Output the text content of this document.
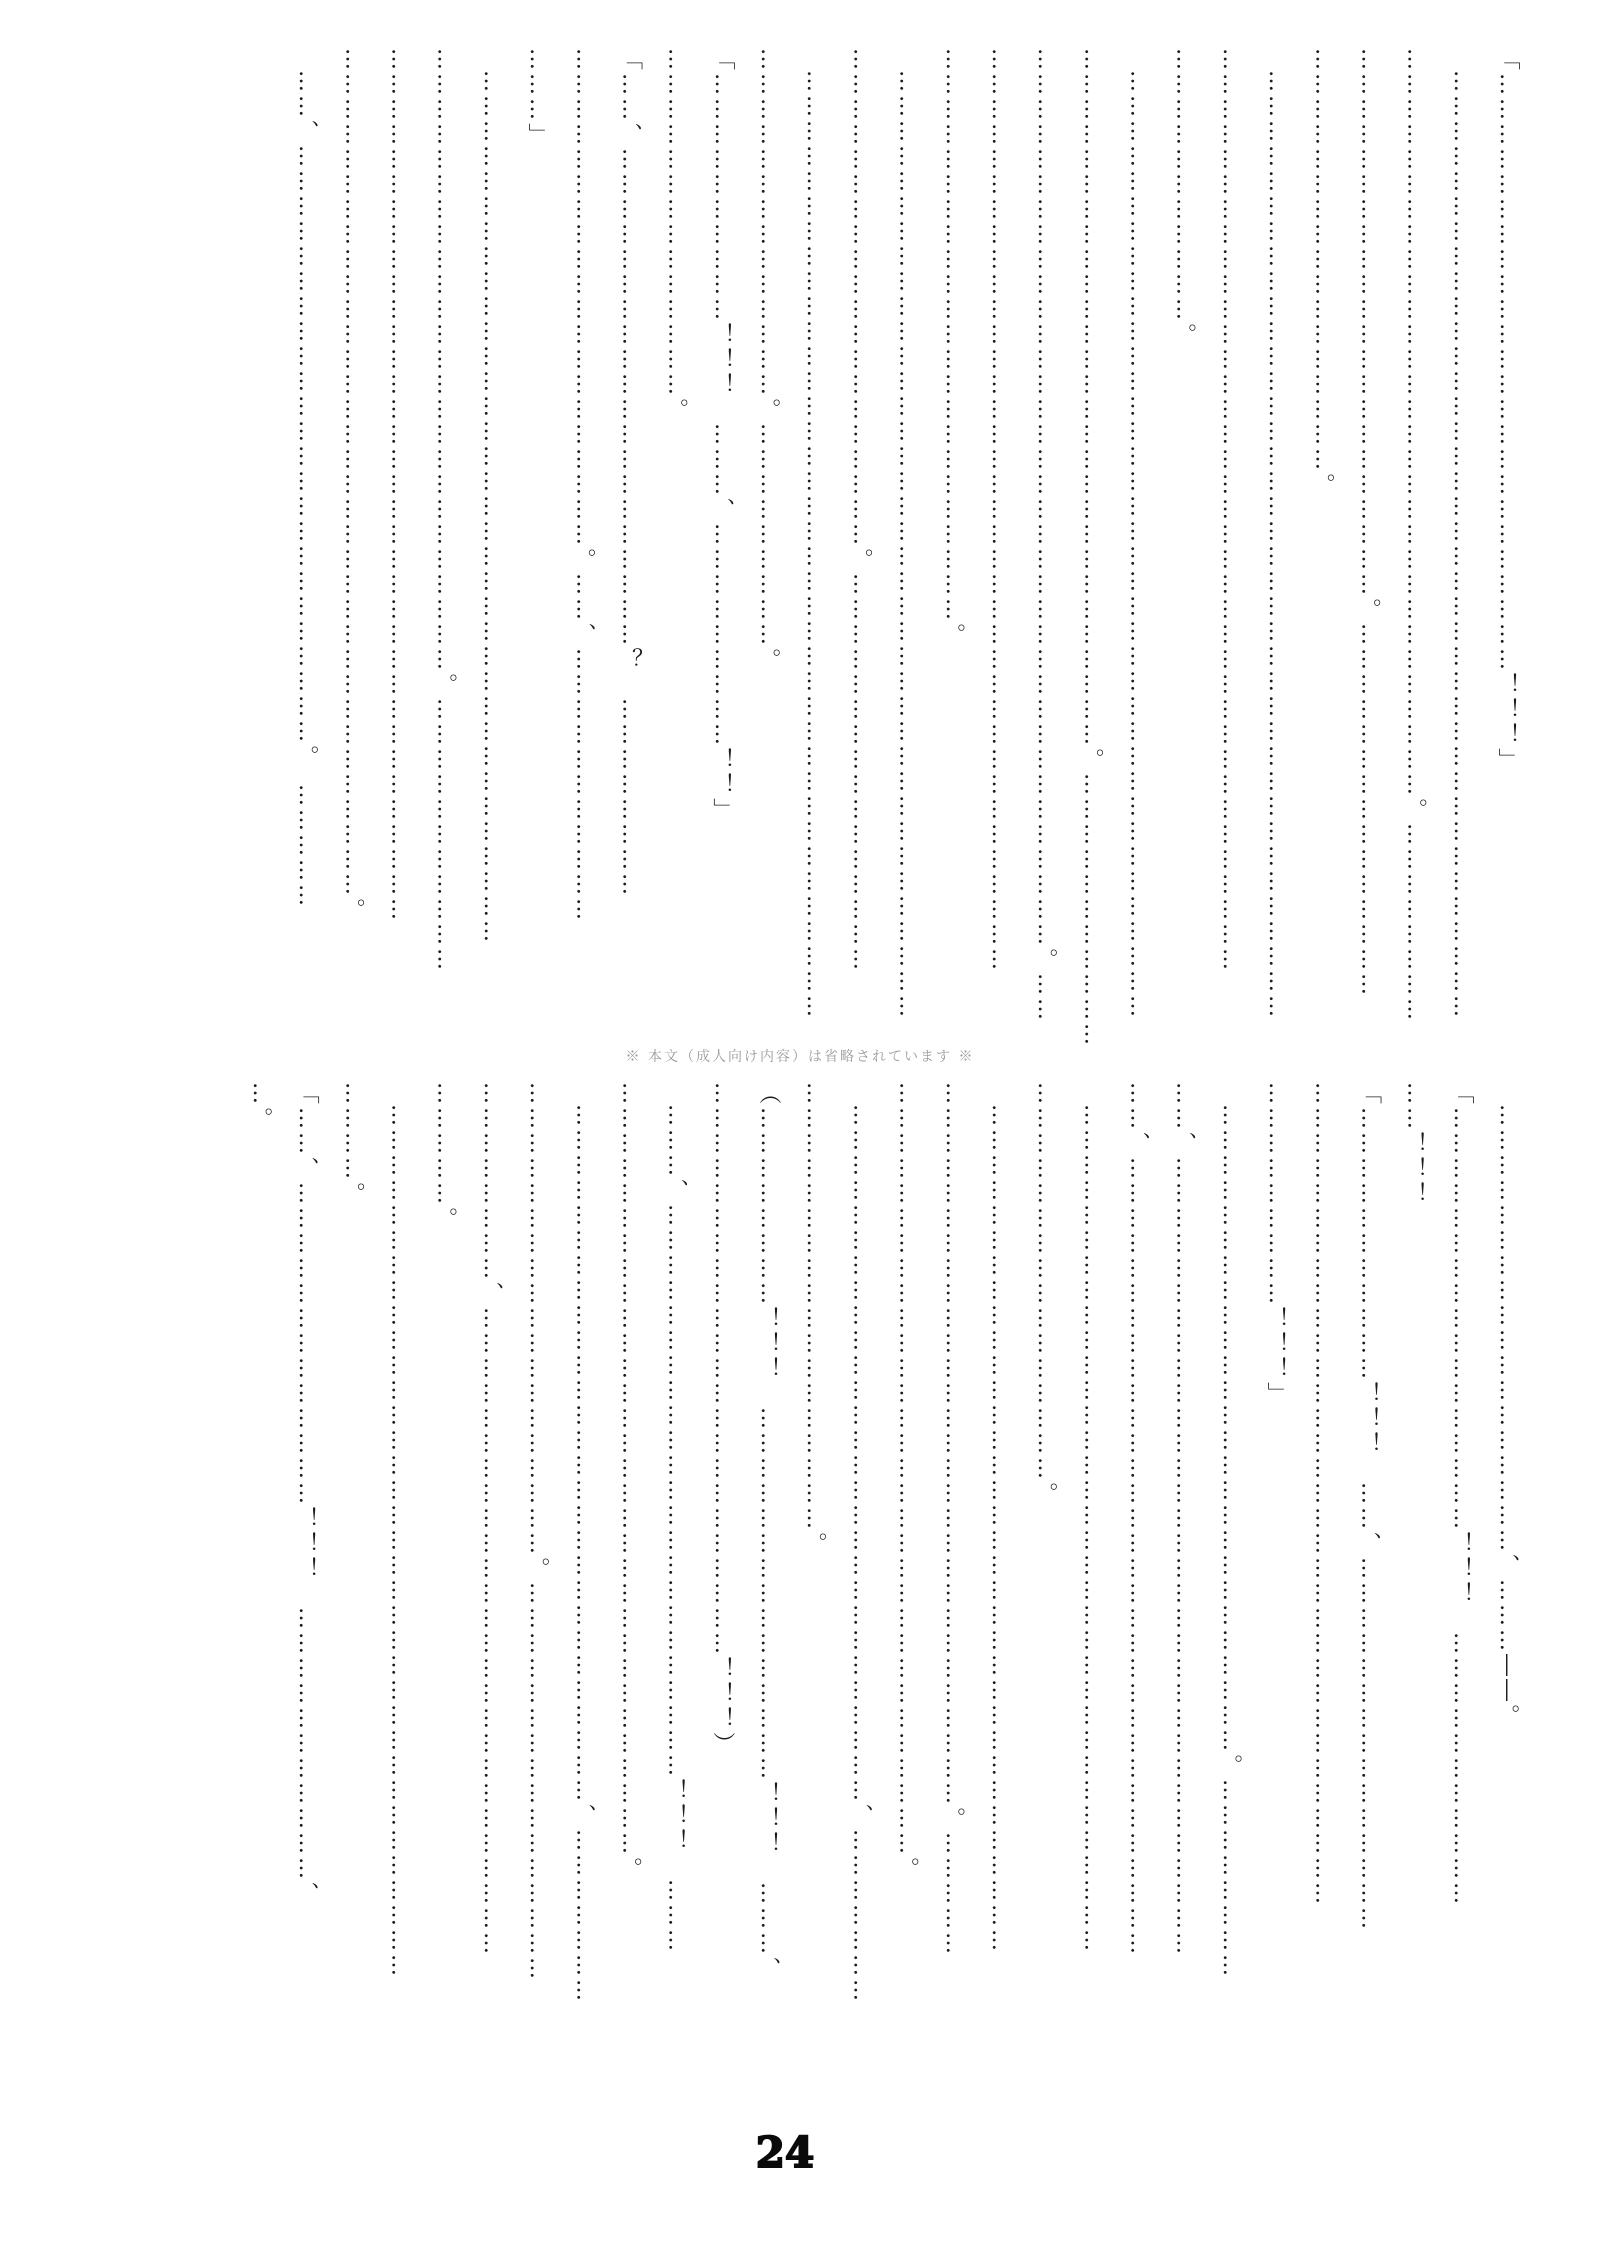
「………………………………………………………………！！！」

……………………………………………………………………………………………………

………………………………………………………………………………。……………………

…………………………………………………………。………………………………………

……………………………………………。

……………………………………………………………………………………………………

…………………………………………………………………………………………………

……………………………。

……………………………………………………………………………………………………

…………………………………………………………………………。……………………………

………………………………………………………………………………………………。……

…………………………………………………………………………………………………

……………………………………………………………。

……………………………………………………………………………………………………

……………………………………………………。…………………………………………

……………………………………………………………………………………………………

……………………………………。………………………。

「…………………………！！！　………、………………………！！」

……………………………………。

「……、……………………………………………………？　……………………

……………………………………………………。……、……………………………

………」

……………………………………………………………………………………………

…………………………………………………………………。……………………………

……………………………………………………………………………………………

…………………………………………………………………………………………。

……、………………………………………………………………。　……………

………………………………………………、………――。

「……………………………………………！！！　……………………………

……！！！

「……………………………！！！　……、………………………………………

………………………………………………………………………………………

………………………！！！」

……………………………………………………………………。……………………

……、……………………………………………………………………………………

……、……………………………………………………………………………………

…………………………………………………………………………………………

…………………………………………。

…………………………………………………………………………………………

……………………………………………………………………………。……………

…………………………………………………………………………………。

…………………………………………………………………………、…………………

………………………………………………。

（……………………！！！　………………………………………！！！　………、

……………………………………………………………！！！）

………、……………………………………………………………！！！　………

…………………………………………………………………………………。

…………………………………………………………………………、…………………

…………………………………………………。…………………………………………

……………………、……………………………………………………………………

……………。

……………………………………………………………………………………………

…………。

「……、…………………………………！！！　……………………………、

…。

※ 本文（成人向け内容）は省略されています ※
24
